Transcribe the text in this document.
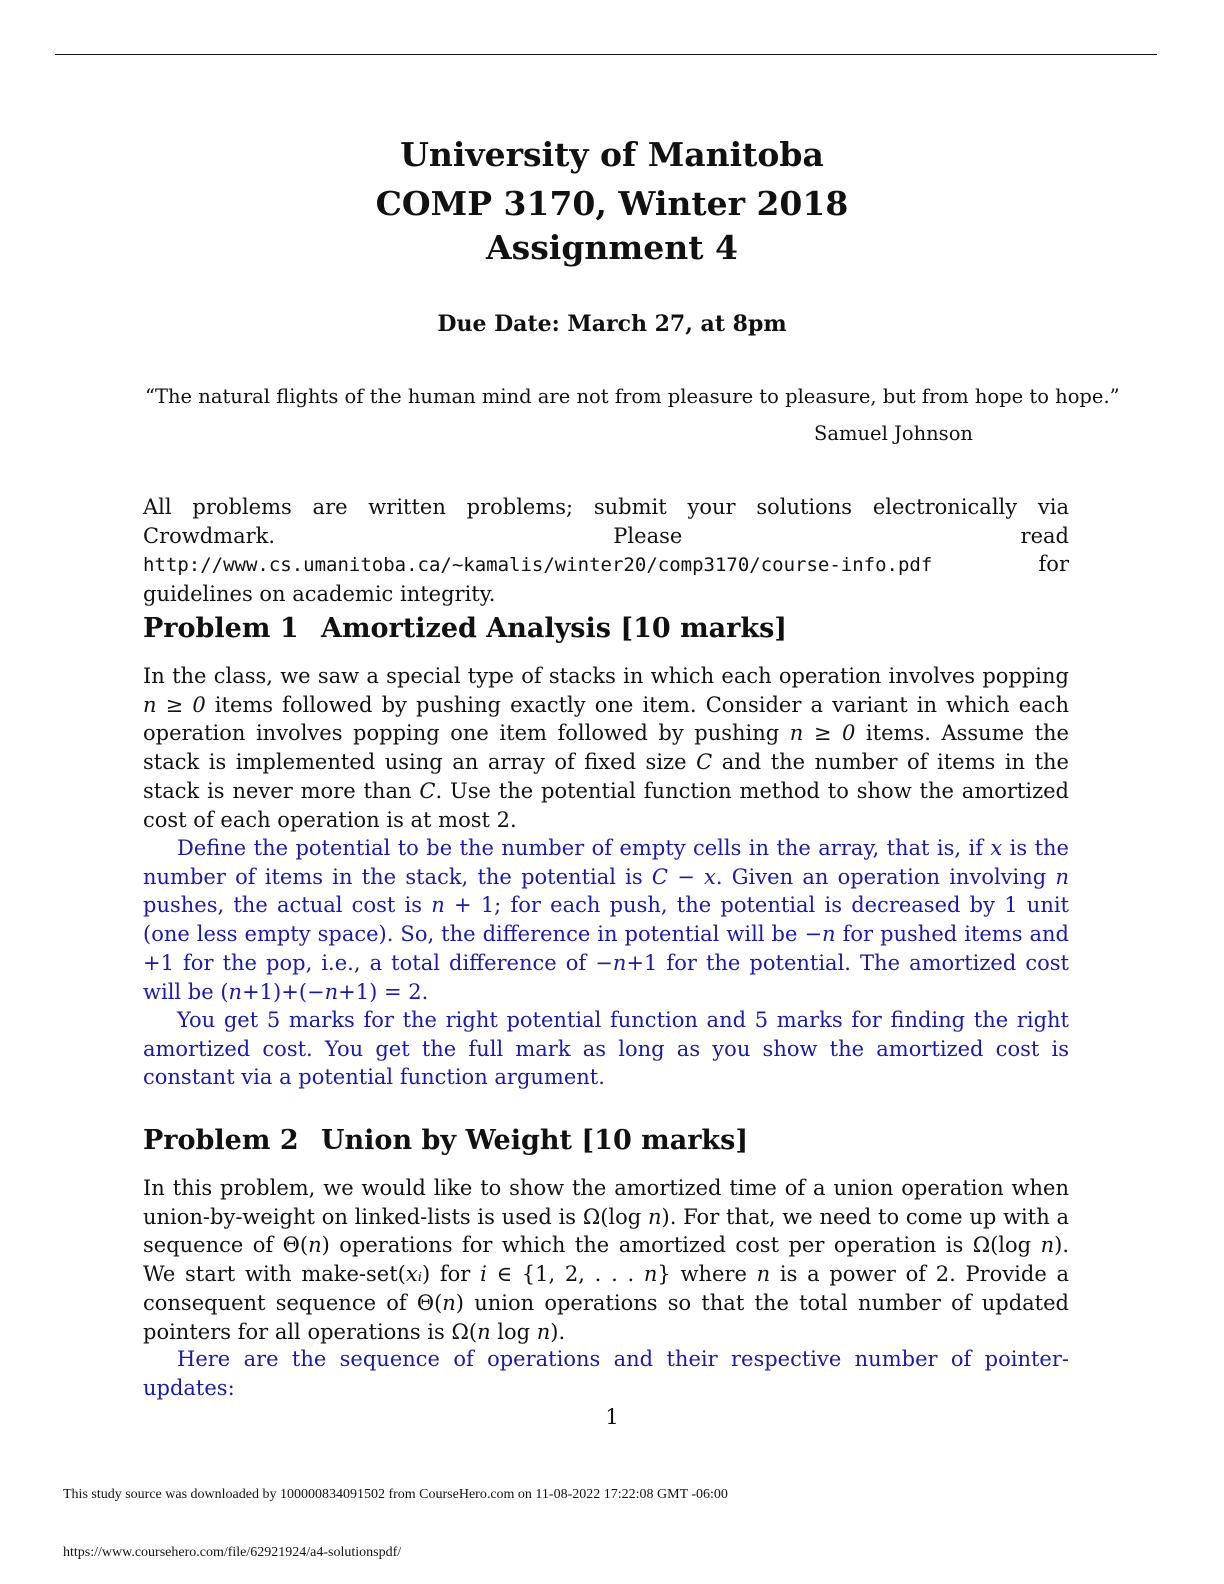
University of Manitoba
COMP 3170, Winter 2018
Assignment 4
Due Date: March 27, at 8pm
“The natural flights of the human mind are not from pleasure to pleasure, but from hope to hope.”
Samuel Johnson

All problems are written problems; submit your solutions electronically via Crowdmark. Please read http://www.cs.umanitoba.ca/~kamalis/winter20/comp3170/course-info.pdf for guidelines on academic integrity.

Problem 1 Amortized Analysis [10 marks]

In the class, we saw a special type of stacks in which each operation involves popping n ≥ 0 items followed by pushing exactly one item. Consider a variant in which each operation involves popping one item followed by pushing n ≥ 0 items. Assume the stack is implemented using an array of fixed size C and the number of items in the stack is never more than C. Use the potential function method to show the amortized cost of each operation is at most 2.

Define the potential to be the number of empty cells in the array, that is, if x is the number of items in the stack, the potential is C − x. Given an operation involving n pushes, the actual cost is n + 1; for each push, the potential is decreased by 1 unit (one less empty space). So, the difference in potential will be −n for pushed items and +1 for the pop, i.e., a total difference of −n+1 for the potential. The amortized cost will be (n+1)+(−n+1) = 2.

You get 5 marks for the right potential function and 5 marks for finding the right amortized cost. You get the full mark as long as you show the amortized cost is constant via a potential function argument.

Problem 2 Union by Weight [10 marks]

In this problem, we would like to show the amortized time of a union operation when union-by-weight on linked-lists is used is Ω(log n). For that, we need to come up with a sequence of Θ(n) operations for which the amortized cost per operation is Ω(log n). We start with make-set(xᵢ) for i ∈ {1, 2, . . . n} where n is a power of 2. Provide a consequent sequence of Θ(n) union operations so that the total number of updated pointers for all operations is Ω(n log n).

Here are the sequence of operations and their respective number of pointer-updates:

1
This study source was downloaded by 100000834091502 from CourseHero.com on 11-08-2022 17:22:08 GMT -06:00
https://www.coursehero.com/file/62921924/a4-solutionspdf/
